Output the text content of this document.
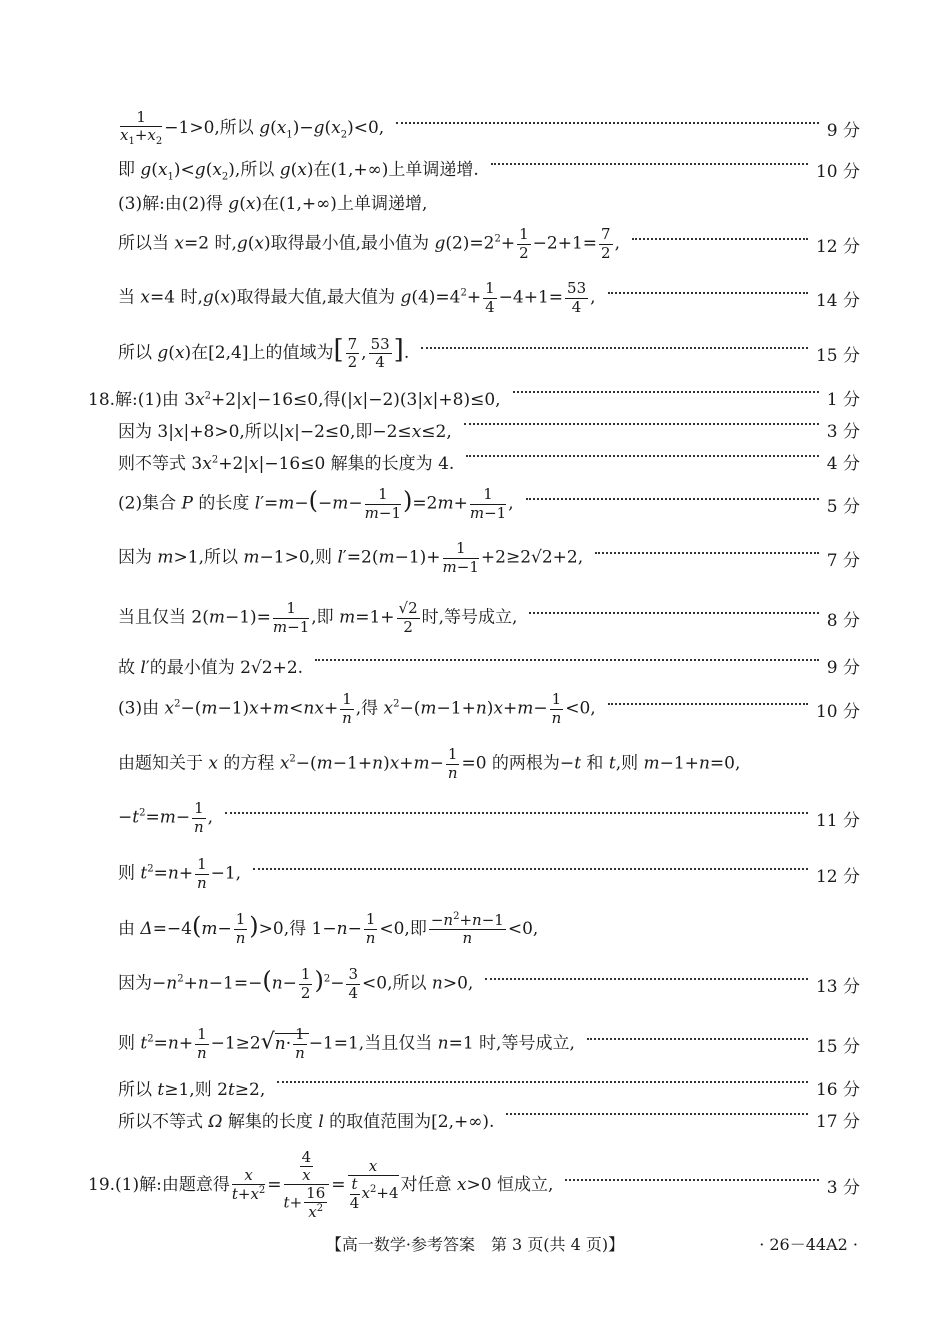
$\frac{1}{x_1+x_2} -1>0$,所以 $g(x_1)-g(x_2)<0$,	9 分
即 $g(x_1)<g(x_2)$,所以 g(x)在(1,+∞)上单调递增.	10 分
(3)解:由(2)得 g(x)在(1,+∞)上单调递增,
所以当 x=2 时,g(x)取得最小值,最小值为 $g(2)=2^2+ \frac{1}{2} -2+1= \frac{7}{2}$ ,	12 分
当 x=4 时,g(x)取得最大值,最大值为 $g(4)=4^2+ \frac{1}{4} -4+1= \frac{53}{4}$ ,	14 分
所以 g(x)在[2,4]上的值域为[ $\frac{7}{2}$ , $\frac{53}{4}$ ].	15 分
18.解:(1)由 $3x^2+2|x|-16\le 0$,得(|x|−2)(3|x|+8)≤0,	1 分
因为 3|x|+8>0,所以|x|−2≤0,即−2≤x≤2,	3 分
则不等式 $3x^2+2|x|-16\le 0$ 解集的长度为 4.	4 分
(2)集合 P 的长度 $l'=m-(-m- \frac{1}{m-1} )=2m+ \frac{1}{m-1}$ ,	5 分
因为 m>1,所以 m−1>0,则 $l'=2(m-1)+ \frac{1}{m-1} +2\ge 2√2+2$,	7 分
当且仅当 $2(m-1)= \frac{1}{m-1}$ ,即 $m=1+ \frac{√2}{2}$ 时,等号成立,	8 分
故 l′的最小值为 2√2+2.	9 分
(3)由 $x^2-(m-1)x+m<nx+ \frac{1}{n}$ ,得 $x^2-(m-1+n)x+m- \frac{1}{n} <0$,	10 分
由题知关于 x 的方程 $x^2-(m-1+n)x+m- \frac{1}{n} =0$ 的两根为−t 和 t,则 m−1+n=0,
$-t^2=m- \frac{1}{n}$ ,	11 分
则 $t^2=n+ \frac{1}{n} -1$,	12 分
由 $\Delta=-4(m- \frac{1}{n} )>0$,得 $1-n- \frac{1}{n} <0$,即 $\frac{-n^2+n-1}{n} <0$,
因为$-n^2+n-1=-(n- \frac{1}{2} )^2- \frac{3}{4} <0$,所以 n>0,	13 分
则 $t^2=n+ \frac{1}{n} -1\ge 2√n\cdot \frac{1}{n} -1=1$,当且仅当 n=1 时,等号成立,	15 分
所以 t≥1,则 2t≥2,	16 分
所以不等式 Ω 解集的长度 l 的取值范围为[2,+∞).	17 分
19.(1)解:由题意得 $\frac{x}{t+x^2} = \frac{\frac{4}{x}}{t+ \frac{16}{x^2}} = \frac{x}{\frac{t}{4} x^2+4}$ 对任意 x>0 恒成立,	3 分
【高一数学·参考答案　第 3 页(共 4 页)】	· 26－44A2 ·
